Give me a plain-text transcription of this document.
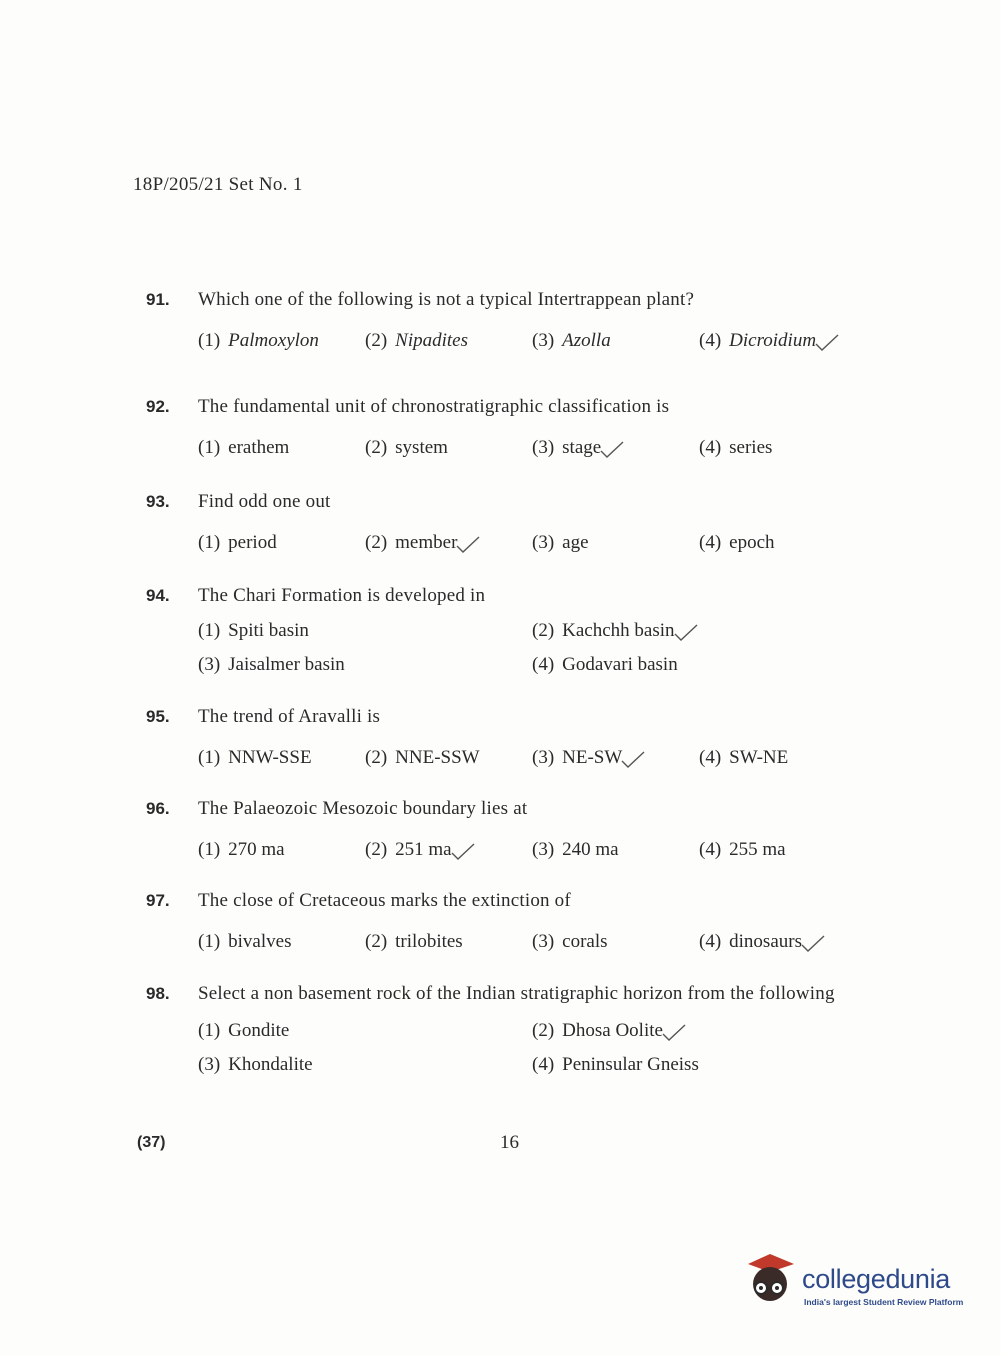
18P/205/21 Set No. 1
91.	Which one of the following is not a typical Intertrappean plant?
(1) Palmoxylon	(2) Nipadites	(3) Azolla	(4) Dicroidium
92.	The fundamental unit of chronostratigraphic classification is
(1) erathem	(2) system	(3) stage	(4) series
93.	Find odd one out
(1) period	(2) member	(3) age	(4) epoch
94.	The Chari Formation is developed in
(1) Spiti basin	(2) Kachchh basin
(3) Jaisalmer basin	(4) Godavari basin
95.	The trend of Aravalli is
(1) NNW-SSE	(2) NNE-SSW	(3) NE-SW	(4) SW-NE
96.	The Palaeozoic Mesozoic boundary lies at
(1) 270 ma	(2) 251 ma	(3) 240 ma	(4) 255 ma
97.	The close of Cretaceous marks the extinction of
(1) bivalves	(2) trilobites	(3) corals	(4) dinosaurs
98.	Select a non basement rock of the Indian stratigraphic horizon from the following
(1) Gondite	(2) Dhosa Oolite
(3) Khondalite	(4) Peninsular Gneiss
(37)	16
collegedunia
India's largest Student Review Platform
